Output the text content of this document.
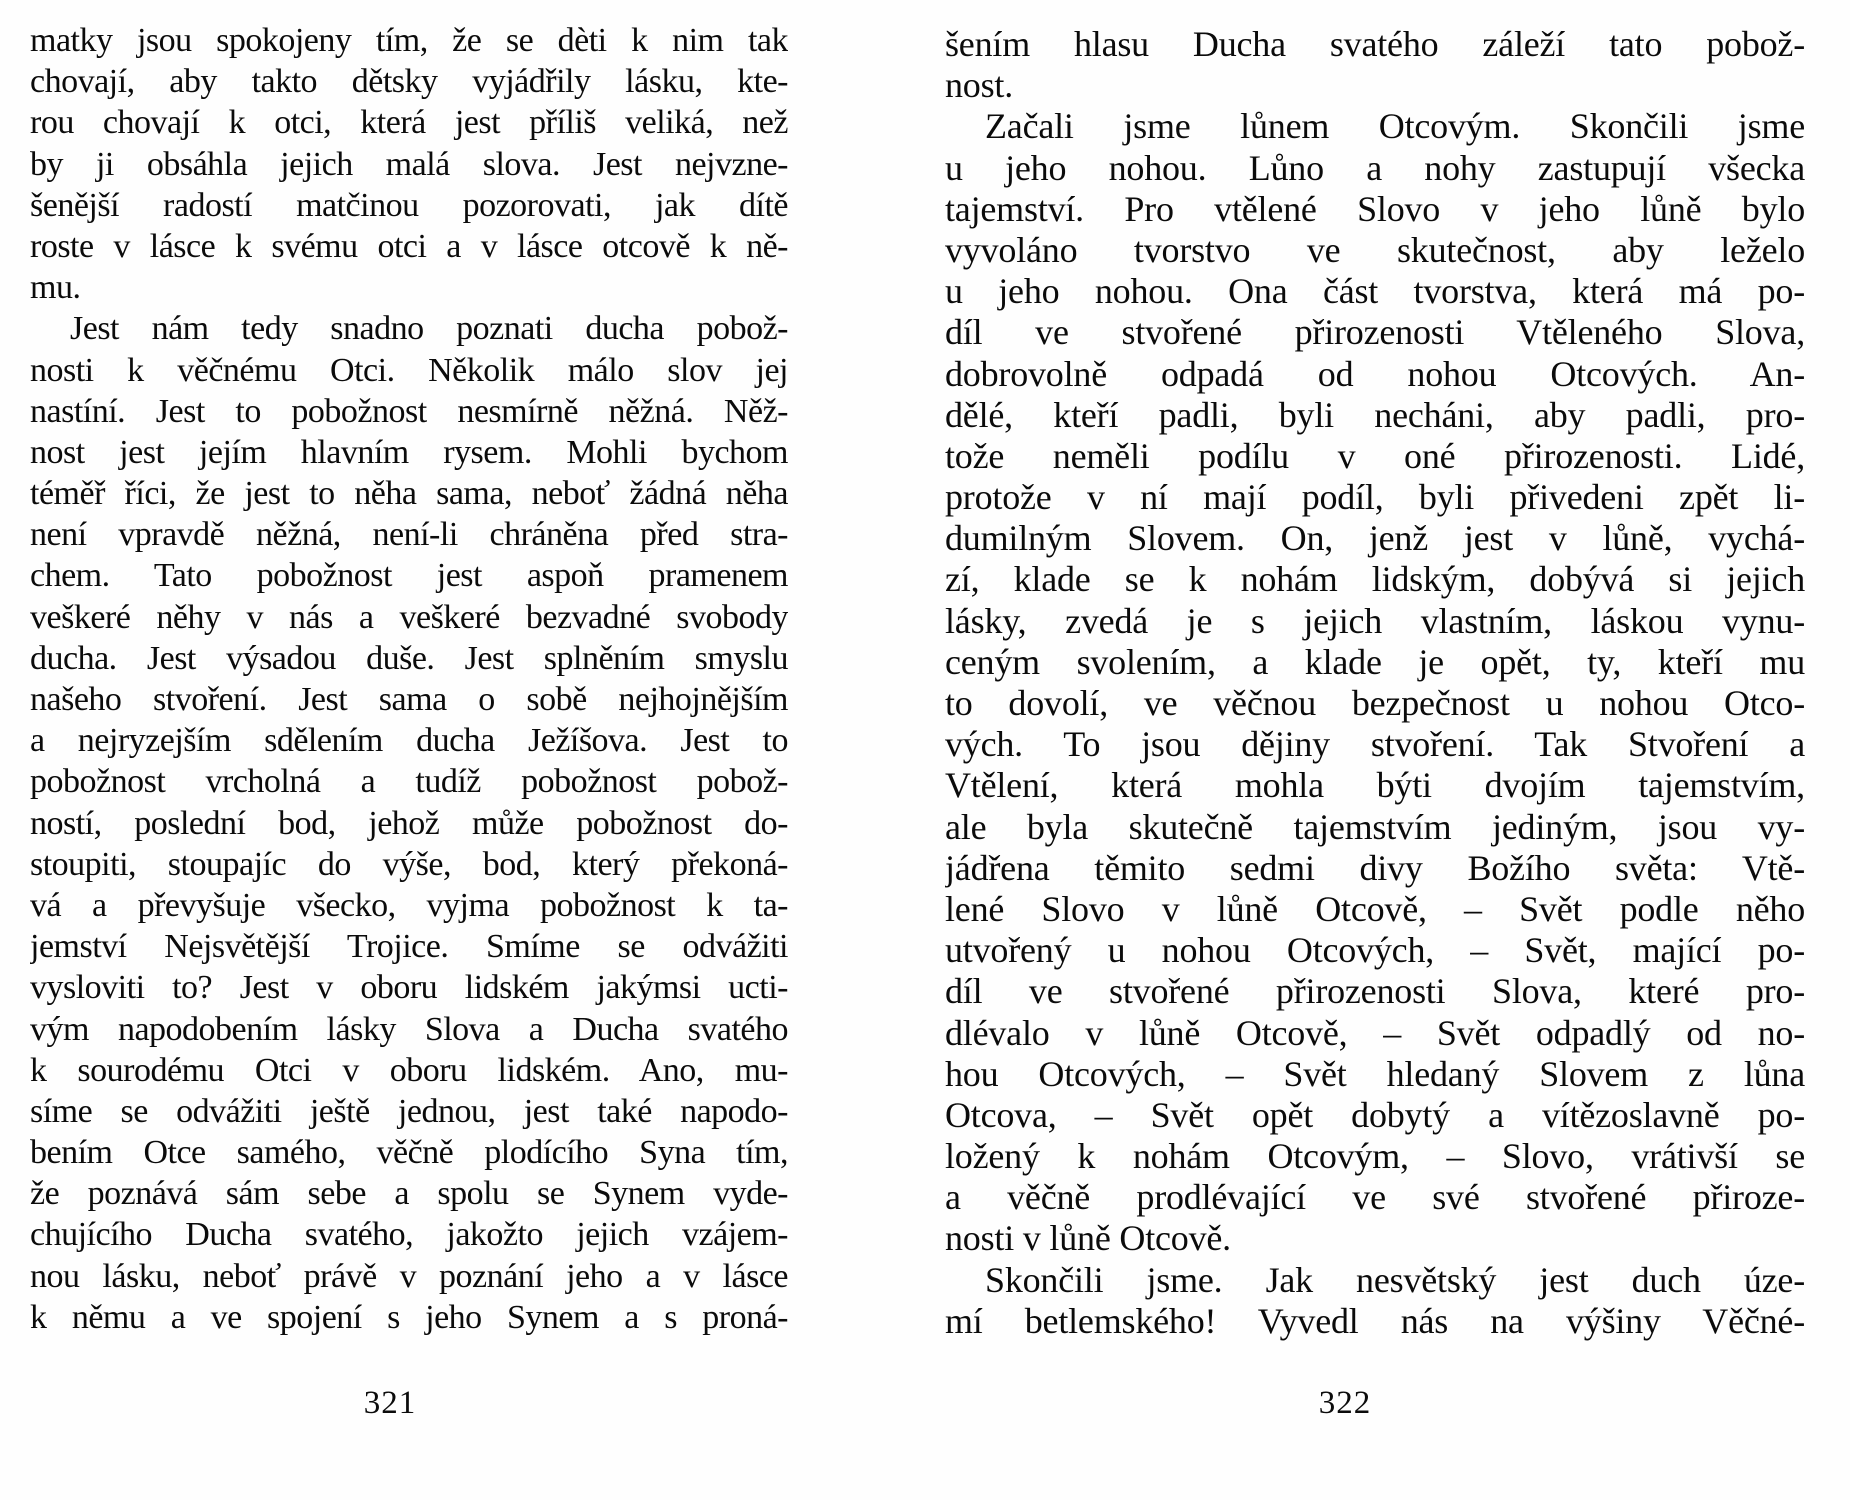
matky jsou spokojeny tím, že se dèti k nim tak
chovají, aby takto dětsky vyjádřily lásku, kte-
rou chovají k otci, která jest příliš veliká, než
by ji obsáhla jejich malá slova. Jest nejvzne-
šenější radostí matčinou pozorovati, jak dítě
roste v lásce k svému otci a v lásce otcově k ně-
mu.
Jest nám tedy snadno poznati ducha pobož-
nosti k věčnému Otci. Několik málo slov jej
nastíní. Jest to pobožnost nesmírně něžná. Něž-
nost jest jejím hlavním rysem. Mohli bychom
téměř říci, že jest to něha sama, neboť žádná něha
není vpravdě něžná, není-li chráněna před stra-
chem. Tato pobožnost jest aspoň pramenem
veškeré něhy v nás a veškeré bezvadné svobody
ducha. Jest výsadou duše. Jest splněním smyslu
našeho stvoření. Jest sama o sobě nejhojnějším
a nejryzejším sdělením ducha Ježíšova. Jest to
pobožnost vrcholná a tudíž pobožnost pobož-
ností, poslední bod, jehož může pobožnost do-
stoupiti, stoupajíc do výše, bod, který překoná-
vá a převyšuje všecko, vyjma pobožnost k ta-
jemství Nejsvětější Trojice. Smíme se odvážiti
vysloviti to? Jest v oboru lidském jakýmsi ucti-
vým napodobením lásky Slova a Ducha svatého
k sourodému Otci v oboru lidském. Ano, mu-
síme se odvážiti ještě jednou, jest také napodo-
bením Otce samého, věčně plodícího Syna tím,
že poznává sám sebe a spolu se Synem vyde-
chujícího Ducha svatého, jakožto jejich vzájem-
nou lásku, neboť právě v poznání jeho a v lásce
k němu a ve spojení s jeho Synem a s proná-
šením hlasu Ducha svatého záleží tato pobož-
nost.
Začali jsme lůnem Otcovým. Skončili jsme
u jeho nohou. Lůno a nohy zastupují všecka
tajemství. Pro vtělené Slovo v jeho lůně bylo
vyvoláno tvorstvo ve skutečnost, aby leželo
u jeho nohou. Ona část tvorstva, která má po-
díl ve stvořené přirozenosti Vtěleného Slova,
dobrovolně odpadá od nohou Otcových. An-
dělé, kteří padli, byli necháni, aby padli, pro-
tože neměli podílu v oné přirozenosti. Lidé,
protože v ní mají podíl, byli přivedeni zpět li-
dumilným Slovem. On, jenž jest v lůně, vychá-
zí, klade se k nohám lidským, dobývá si jejich
lásky, zvedá je s jejich vlastním, láskou vynu-
ceným svolením, a klade je opět, ty, kteří mu
to dovolí, ve věčnou bezpečnost u nohou Otco-
vých. To jsou dějiny stvoření. Tak Stvoření a
Vtělení, která mohla býti dvojím tajemstvím,
ale byla skutečně tajemstvím jediným, jsou vy-
jádřena těmito sedmi divy Božího světa: Vtě-
lené Slovo v lůně Otcově, – Svět podle něho
utvořený u nohou Otcových, – Svět, mající po-
díl ve stvořené přirozenosti Slova, které pro-
dlévalo v lůně Otcově, – Svět odpadlý od no-
hou Otcových, – Svět hledaný Slovem z lůna
Otcova, – Svět opět dobytý a vítězoslavně po-
ložený k nohám Otcovým, – Slovo, vrátivší se
a věčně prodlévající ve své stvořené přiroze-
nosti v lůně Otcově.
Skončili jsme. Jak nesvětský jest duch úze-
mí betlemského! Vyvedl nás na výšiny Věčné-
321	322
